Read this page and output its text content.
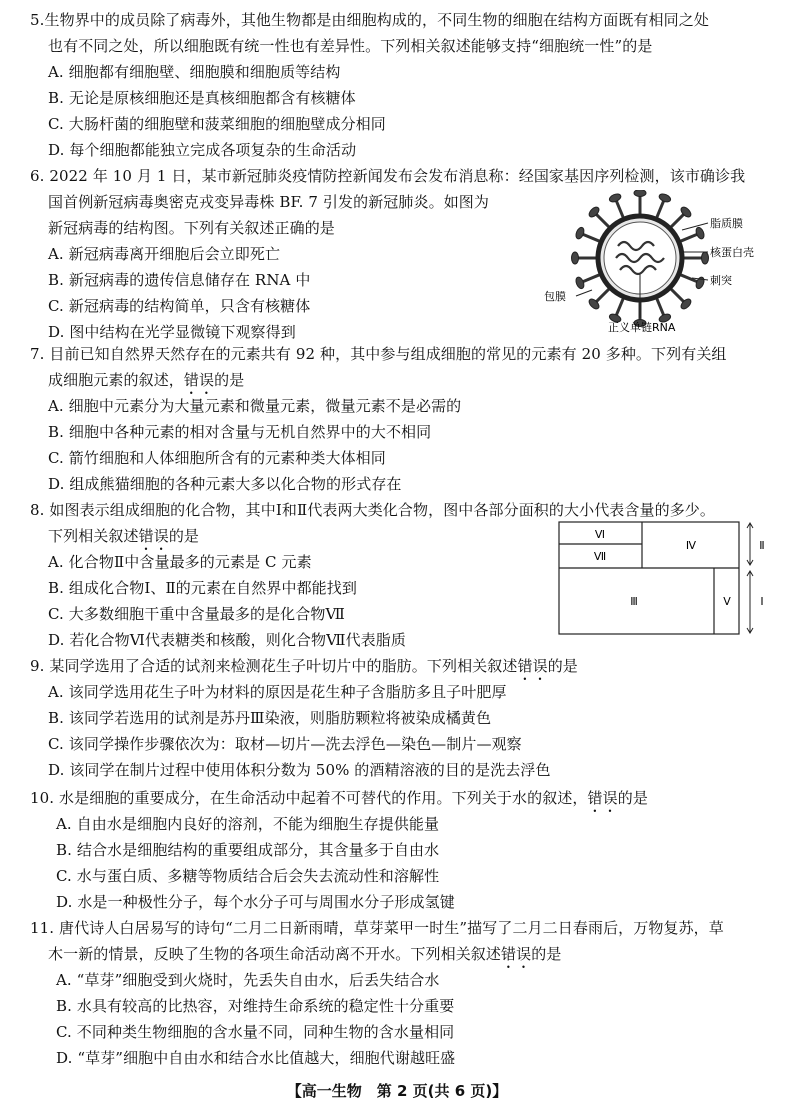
5.生物界中的成员除了病毒外，其他生物都是由细胞构成的，不同生物的细胞在结构方面既有相同之处
也有不同之处，所以细胞既有统一性也有差异性。下列相关叙述能够支持“细胞统一性”的是
A. 细胞都有细胞壁、细胞膜和细胞质等结构
B. 无论是原核细胞还是真核细胞都含有核糖体
C. 大肠杆菌的细胞壁和菠菜细胞的细胞壁成分相同
D. 每个细胞都能独立完成各项复杂的生命活动
6. 2022 年 10 月 1 日，某市新冠肺炎疫情防控新闻发布会发布消息称：经国家基因序列检测，该市确诊我
国首例新冠病毒奥密克戎变异毒株 BF. 7 引发的新冠肺炎。如图为
新冠病毒的结构图。下列有关叙述正确的是
A. 新冠病毒离开细胞后会立即死亡
B. 新冠病毒的遗传信息储存在 RNA 中
C. 新冠病毒的结构简单，只含有核糖体
D. 图中结构在光学显微镜下观察得到
脂质膜
核蛋白壳
刺突
包膜
正义单链RNA
7. 目前已知自然界天然存在的元素共有 92 种，其中参与组成细胞的常见的元素有 20 多种。下列有关组
成细胞元素的叙述，错误的是
A. 细胞中元素分为大量元素和微量元素，微量元素不是必需的
B. 细胞中各种元素的相对含量与无机自然界中的大不相同
C. 箭竹细胞和人体细胞所含有的元素种类大体相同
D. 组成熊猫细胞的各种元素大多以化合物的形式存在
8. 如图表示组成细胞的化合物，其中Ⅰ和Ⅱ代表两大类化合物，图中各部分面积的大小代表含量的多少。
下列相关叙述错误的是
A. 化合物Ⅱ中含量最多的元素是 C 元素
B. 组成化合物Ⅰ、Ⅱ的元素在自然界中都能找到
C. 大多数细胞干重中含量最多的是化合物Ⅶ
D. 若化合物Ⅵ代表糖类和核酸，则化合物Ⅶ代表脂质
Ⅵ
Ⅶ
Ⅳ
Ⅲ	Ⅴ
Ⅱ
Ⅰ
9. 某同学选用了合适的试剂来检测花生子叶切片中的脂肪。下列相关叙述错误的是
A. 该同学选用花生子叶为材料的原因是花生种子含脂肪多且子叶肥厚
B. 该同学若选用的试剂是苏丹Ⅲ染液，则脂肪颗粒将被染成橘黄色
C. 该同学操作步骤依次为：取材—切片—洗去浮色—染色—制片—观察
D. 该同学在制片过程中使用体积分数为 50% 的酒精溶液的目的是洗去浮色
10. 水是细胞的重要成分，在生命活动中起着不可替代的作用。下列关于水的叙述，错误的是
A. 自由水是细胞内良好的溶剂，不能为细胞生存提供能量
B. 结合水是细胞结构的重要组成部分，其含量多于自由水
C. 水与蛋白质、多糖等物质结合后会失去流动性和溶解性
D. 水是一种极性分子，每个水分子可与周围水分子形成氢键
11. 唐代诗人白居易写的诗句“二月二日新雨晴，草芽菜甲一时生”描写了二月二日春雨后，万物复苏，草
木一新的情景，反映了生物的各项生命活动离不开水。下列相关叙述错误的是
A. “草芽”细胞受到火烧时，先丢失自由水，后丢失结合水
B. 水具有较高的比热容，对维持生命系统的稳定性十分重要
C. 不同种类生物细胞的含水量不同，同种生物的含水量相同
D. “草芽”细胞中自由水和结合水比值越大，细胞代谢越旺盛
【高一生物　第 2 页(共 6 页)】
